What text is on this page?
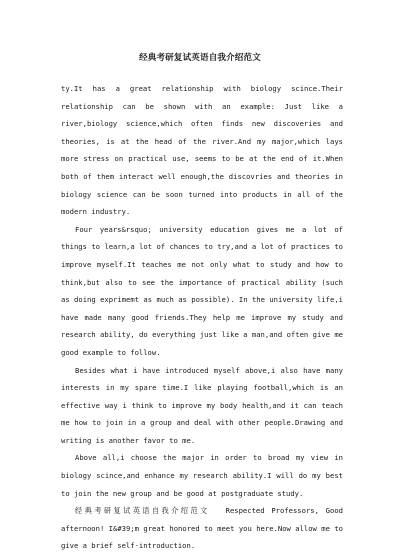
经典考研复试英语自我介绍范文

ty.It has a great relationship with biology scince.Their relationship can be shown with an example: Just like a river,biology science,which often finds new discoveries and theories, is at the head of the river.And my major,which lays more stress on practical use, seems to be at the end of it.When both of them interact well enough,the discovries and theories in biology science can be soon turned into products in all of the modern industry.

Four years&rsquo; university education gives me a lot of things to learn,a lot of chances to try,and a lot of practices to improve myself.It teaches me not only what to study and how to think,but also to see the importance of practical ability (such as doing exprimemt as much as possible). In the university life,i have made many good friends.They help me improve my study and research ability, do everything just like a man,and often give me good example to follow.

Besides what i have introduced myself above,i also have many interests in my spare time.I like playing football,which is an effective way i think to improve my body health,and it can teach me how to join in a group and deal with other people.Drawing and writing is another favor to me.

Above all,i choose the major in order to broad my view in biology scince,and enhance my research ability.I will do my best to join the new group and be good at postgraduate study.

经典考研复试英语自我介绍范文 Respected Professors, Good afternoon! I&#39;m great honored to meet you here.Now allow me to give a brief self-introduction.
